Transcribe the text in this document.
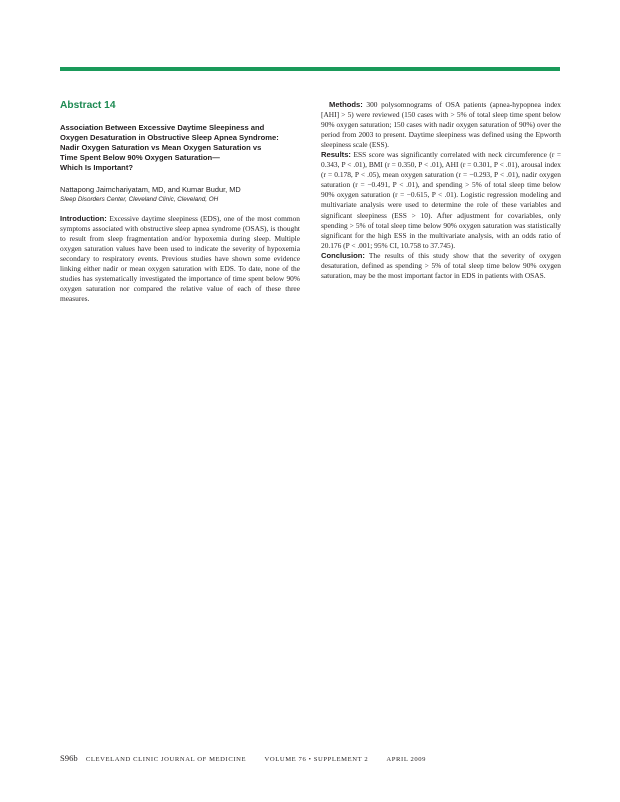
Abstract 14

Association Between Excessive Daytime Sleepiness and
Oxygen Desaturation in Obstructive Sleep Apnea Syndrome:
Nadir Oxygen Saturation vs Mean Oxygen Saturation vs
Time Spent Below 90% Oxygen Saturation—
Which Is Important?

Nattapong Jaimchariyatam, MD, and Kumar Budur, MD

Sleep Disorders Center, Cleveland Clinic, Cleveland, OH

Introduction: Excessive daytime sleepiness (EDS), one of the most common symptoms associated with obstructive sleep apnea syndrome (OSAS), is thought to result from sleep fragmentation and/or hypoxemia during sleep. Multiple oxygen saturation values have been used to indicate the severity of hypoxemia secondary to respiratory events. Previous studies have shown some evidence linking either nadir or mean oxygen saturation with EDS. To date, none of the studies has systematically investigated the importance of time spent below 90% oxygen saturation nor compared the relative value of each of these three measures.

Methods: 300 polysomnograms of OSA patients (apnea-hypopnea index [AHI] > 5) were reviewed (150 cases with > 5% of total sleep time spent below 90% oxygen saturation; 150 cases with nadir oxygen saturation of 90%) over the period from 2003 to present. Daytime sleepiness was defined using the Epworth sleepiness scale (ESS).

Results: ESS score was significantly correlated with neck circumference (r = 0.343, P < .01), BMI (r = 0.350, P < .01), AHI (r = 0.301, P < .01), arousal index (r = 0.178, P < .05), mean oxygen saturation (r = −0.293, P < .01), nadir oxygen saturation (r = −0.491, P < .01), and spending > 5% of total sleep time below 90% oxygen saturation (r = −0.615, P < .01). Logistic regression modeling and multivariate analysis were used to determine the role of these variables and significant sleepiness (ESS > 10). After adjustment for covariables, only spending > 5% of total sleep time below 90% oxygen saturation was statistically significant for the high ESS in the multivariate analysis, with an odds ratio of 20.176 (P < .001; 95% CI, 10.758 to 37.745).

Conclusion: The results of this study show that the severity of oxygen desaturation, defined as spending > 5% of total sleep time below 90% oxygen saturation, may be the most important factor in EDS in patients with OSAS.

S96b CLEVELAND CLINIC JOURNAL OF MEDICINE	VOLUME 76 • SUPPLEMENT 2	APRIL 2009
